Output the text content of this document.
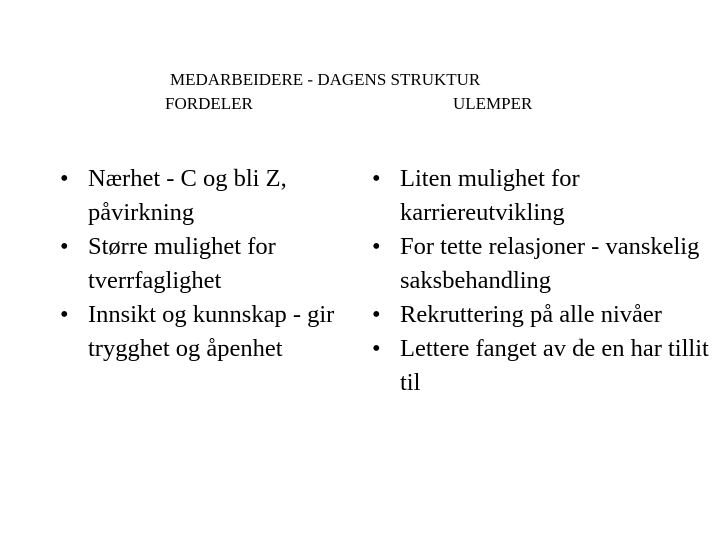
MEDARBEIDERE - DAGENS STRUKTUR
FORDELER	ULEMPER
• Nærhet - C og bli Z, påvirkning
• Større mulighet for tverrfaglighet
• Innsikt og kunnskap - gir trygghet og åpenhet
• Liten mulighet for karriereutvikling
• For tette relasjoner - vanskelig saksbehandling
• Rekruttering på alle nivåer
• Lettere fanget av de en har tillit til
